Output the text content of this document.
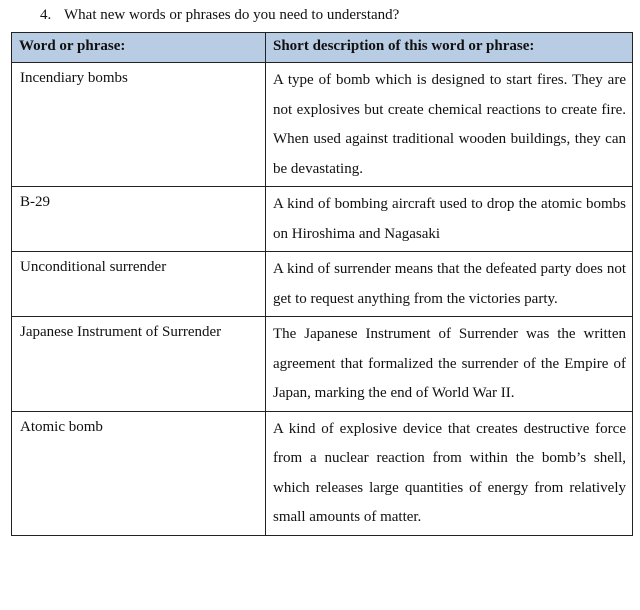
4. What new words or phrases do you need to understand?
Word or phrase:	Short description of this word or phrase:
Incendiary bombs	A type of bomb which is designed to start fires. They are not explosives but create chemical reactions to create fire. When used against traditional wooden buildings, they can be devastating.
B-29	A kind of bombing aircraft used to drop the atomic bombs on Hiroshima and Nagasaki
Unconditional surrender	A kind of surrender means that the defeated party does not get to request anything from the victories party.
Japanese Instrument of Surrender	The Japanese Instrument of Surrender was the written agreement that formalized the surrender of the Empire of Japan, marking the end of World War II.
Atomic bomb	A kind of explosive device that creates destructive force from a nuclear reaction from within the bomb’s shell, which releases large quantities of energy from relatively small amounts of matter.
